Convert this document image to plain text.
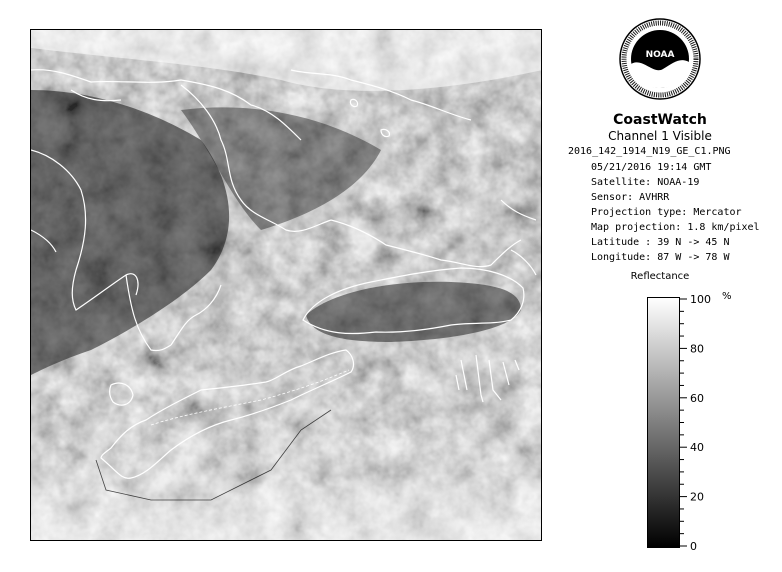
NOAA
CoastWatch
Channel 1 Visible
2016_142_1914_N19_GE_C1.PNG
05/21/2016 19:14 GMT
Satellite: NOAA-19
Sensor: AVHRR
Projection type: Mercator
Map projection: 1.8 km/pixel
Latitude : 39 N -> 45 N
Longitude: 87 W -> 78 W
Reflectance
%
0
20
40
60
80
100
